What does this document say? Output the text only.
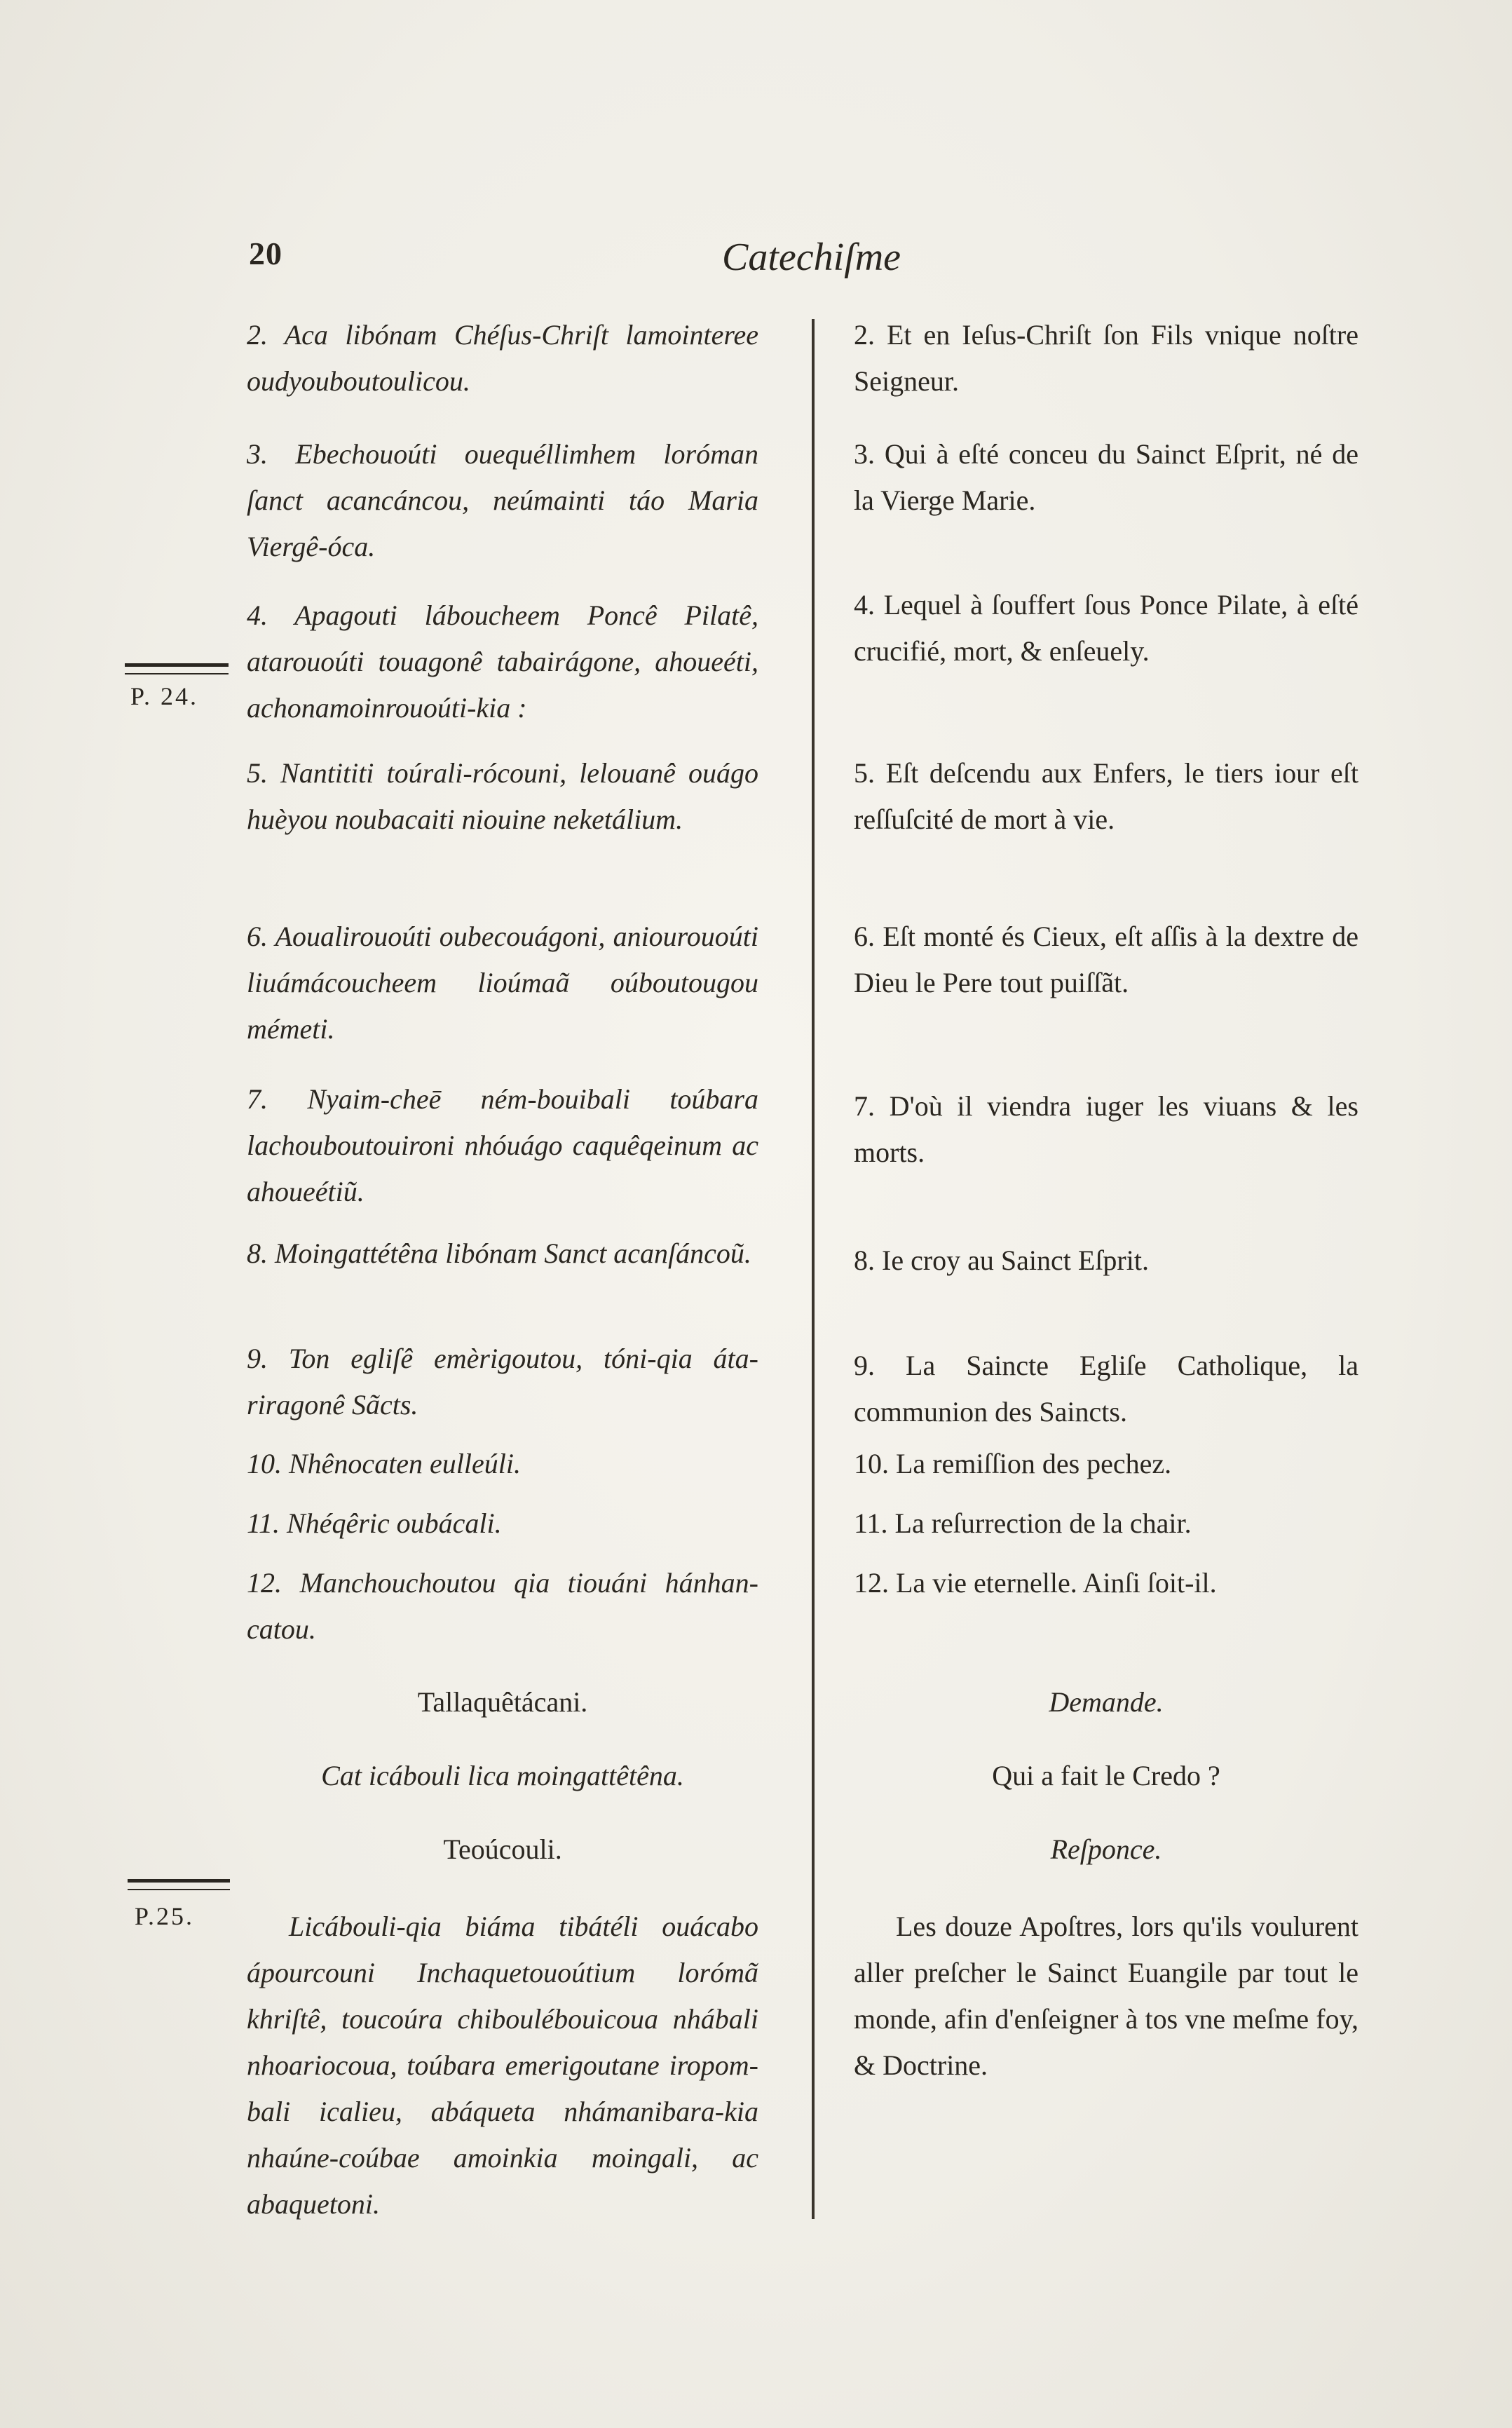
20	Catechiſme
P. 24.
P.25.

2. Aca libónam Chéſus-Chriſt lamointeree oudyouboutoulicou.

3. Ebechouoúti ouequéllimhem loróman ſanct acancáncou, neúmainti táo Maria Viergê-óca.

4. Apagouti láboucheem Poncê Pilatê, atarouoúti touagonê tabairágone, ahoueéti, achonamoinrouoúti-kia :

5. Nantititi toúrali-rócouni, lelouanê ouágo huèyou noubacaiti niouine neketálium.

6. Aoualirouoúti oubecouágoni, aniourouoúti liuámácoucheem lioúmaã oúboutougou mémeti.

7. Nyaim-cheē ném-bouibali toúbara lachouboutouironi nhóuágo caquêqeinum ac ahoueétiũ.

8. Moingattétêna libónam Sanct acanſáncoũ.

9. Ton egliſê emèrigoutou, tóni-qia átariragonê Sãcts.

10. Nhênocaten eulleúli.

11. Nhéqêric oubácali.

12. Manchouchoutou qia tiouáni hánhan-catou.

Tallaquêtácani.

Cat icábouli lica moingattêtêna.

Teoúcouli.

Licábouli-qia biáma tibátéli ouácabo ápourcouni Inchaquetouoútium lorómã khriſtê, toucoúra chiboulébouicoua nhábali nhoariocoua, toúbara emerigoutane iropom-bali icalieu, abáqueta nhámanibara-kia nhaúne-coúbae amoinkia moingali, ac abaquetoni.

2. Et en Ieſus-Chriſt ſon Fils vnique noſtre Seigneur.

3. Qui à eſté conceu du Sainct Eſprit, né de la Vierge Marie.

4. Lequel à ſouffert ſous Ponce Pilate, à eſté crucifié, mort, & enſeuely.

5. Eſt deſcendu aux Enfers, le tiers iour eſt reſſuſcité de mort à vie.

6. Eſt monté és Cieux, eſt aſſis à la dextre de Dieu le Pere tout puiſſãt.

7. D'où il viendra iuger les viuans & les morts.

8. Ie croy au Sainct Eſprit.

9. La Saincte Egliſe Catholique, la communion des Saincts.

10. La remiſſion des pechez.

11. La reſurrection de la chair.

12. La vie eternelle. Ainſi ſoit-il.

Demande.

Qui a fait le Credo ?

Reſponce.

Les douze Apoſtres, lors qu'ils voulurent aller preſcher le Sainct Euangile par tout le monde, afin d'enſeigner à tos vne meſme foy, & Doctrine.
